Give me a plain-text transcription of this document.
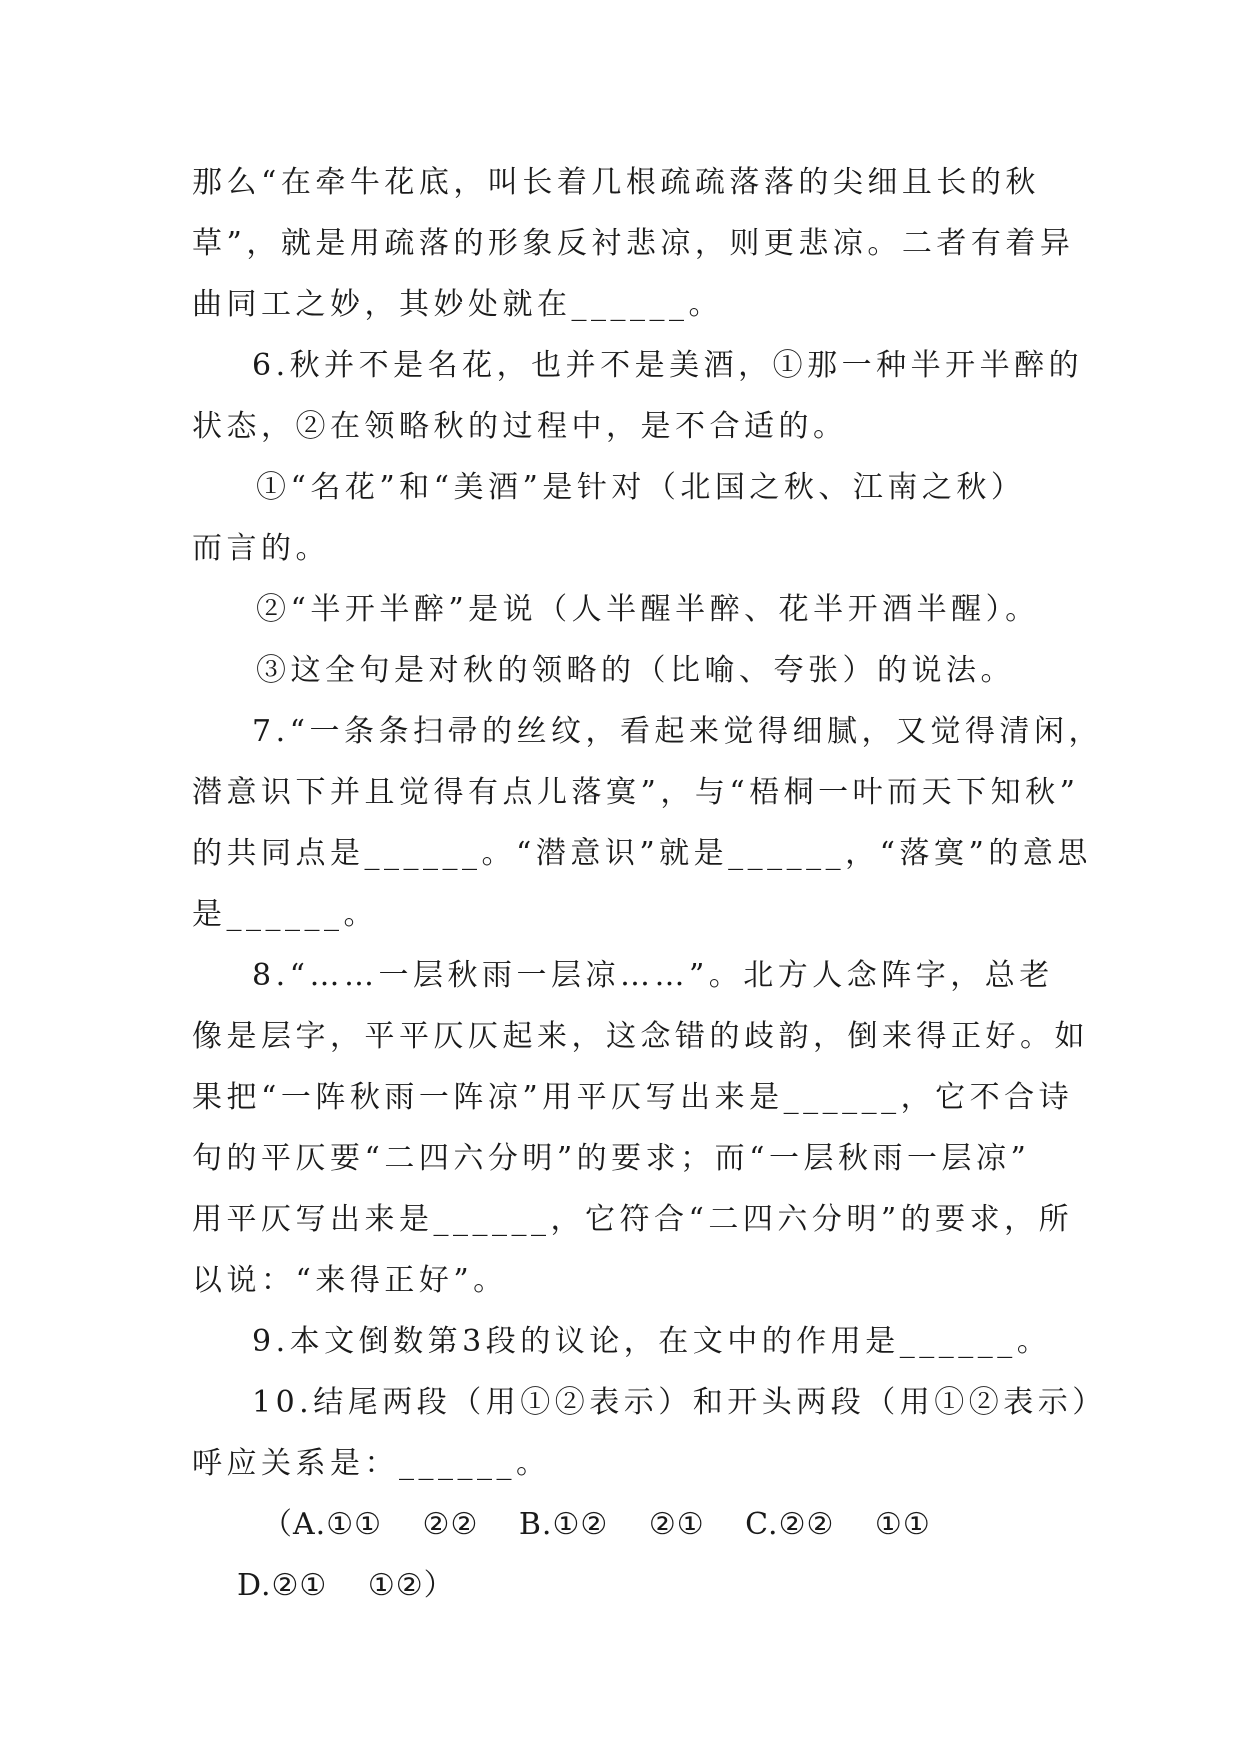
那么“在牵牛花底，叫长着几根疏疏落落的尖细且长的秋
草”，就是用疏落的形象反衬悲凉，则更悲凉。二者有着异
曲同工之妙，其妙处就在______。
6.秋并不是名花，也并不是美酒，①那一种半开半醉的
状态，②在领略秋的过程中，是不合适的。
①“名花”和“美酒”是针对（北国之秋、江南之秋）
而言的。
②“半开半醉”是说（人半醒半醉、花半开酒半醒）。
③这全句是对秋的领略的（比喻、夸张）的说法。
7.“一条条扫帚的丝纹，看起来觉得细腻，又觉得清闲，
潜意识下并且觉得有点儿落寞”，与“梧桐一叶而天下知秋”
的共同点是______。“潜意识”就是______，“落寞”的意思
是______。
8.“……一层秋雨一层凉……”。北方人念阵字，总老
像是层字，平平仄仄起来，这念错的歧韵，倒来得正好。如
果把“一阵秋雨一阵凉”用平仄写出来是______，它不合诗
句的平仄要“二四六分明”的要求；而“一层秋雨一层凉”
用平仄写出来是______，它符合“二四六分明”的要求，所
以说：“来得正好”。
9.本文倒数第3段的议论，在文中的作用是______。
10.结尾两段（用①②表示）和开头两段（用①②表示）
呼应关系是：______。
（A.①① ②② B.①② ②① C.②② ①①
D.②① ①②）
